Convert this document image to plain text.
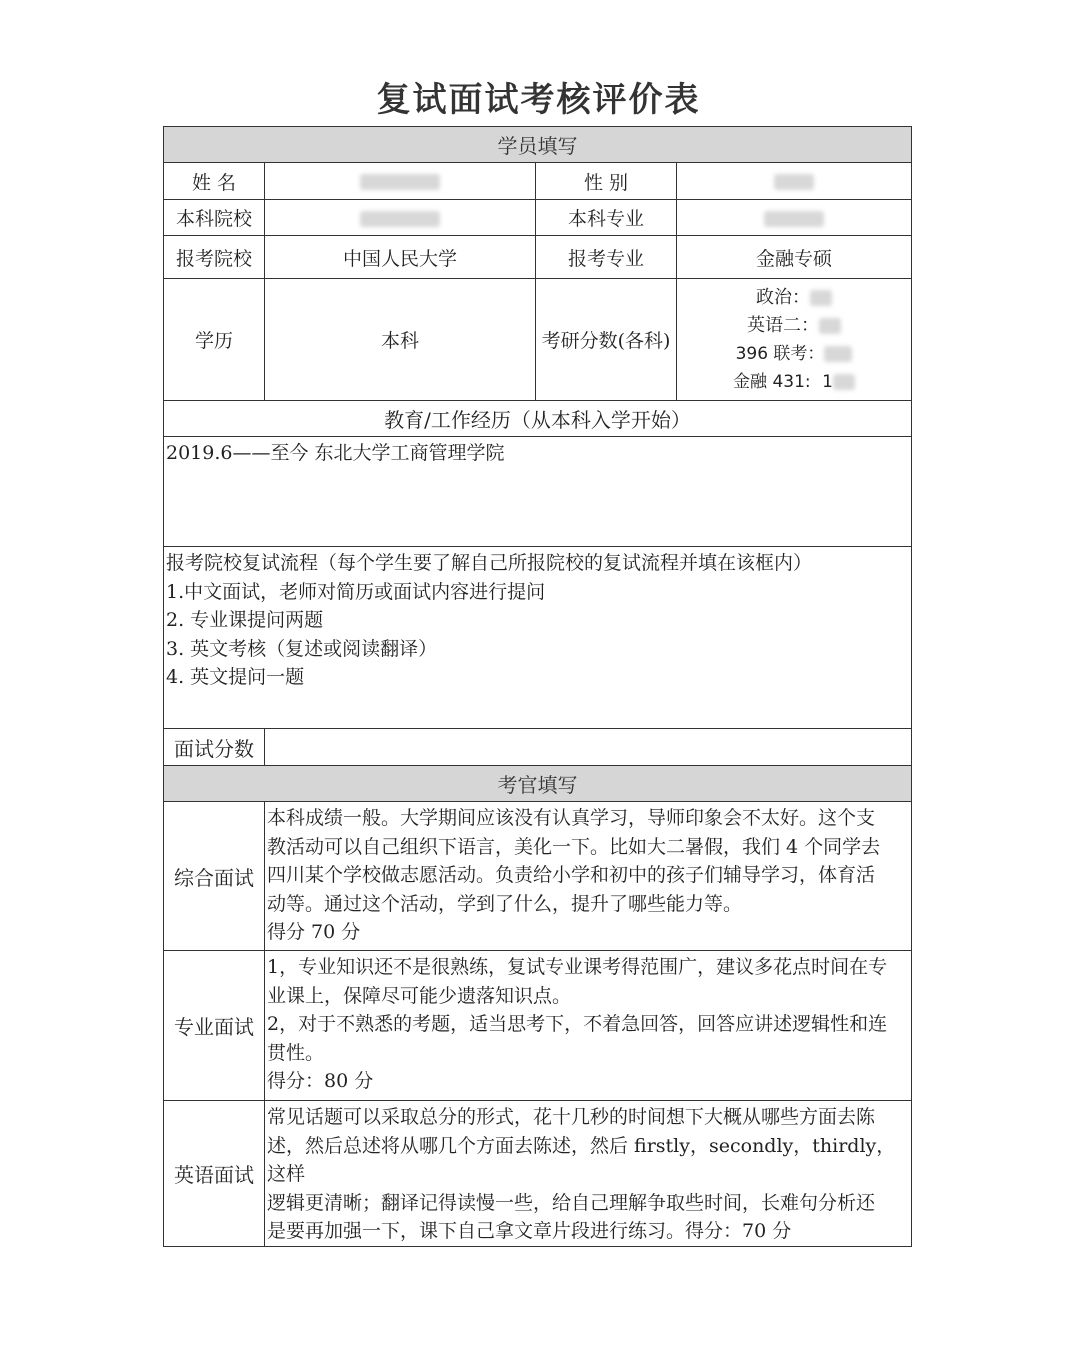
复试面试考核评价表
学员填写			
姓 名		性 别	
本科院校		本科专业	
报考院校	中国人民大学	报考专业	金融专硕
学历	本科	考研分数(各科)	政治：
英语二：
396 联考：
金融 431: 1

教育/工作经历（从本科入学开始）			
2019.6——至今 东北大学工商管理学院			

报考院校复试流程（每个学生要了解自己所报院校的复试流程并填在该框内）
1.中文面试，老师对简历或面试内容进行提问
2. 专业课提问两题
3. 英文考核（复述或阅读翻译）
4. 英文提问一题			

面试分数			
考官填写			
综合面试	本科成绩一般。大学期间应该没有认真学习，导师印象会不太好。这个支
教活动可以自己组织下语言，美化一下。比如大二暑假，我们 4 个同学去
四川某个学校做志愿活动。负责给小学和初中的孩子们辅导学习，体育活
动等。通过这个活动，学到了什么，提升了哪些能力等。
得分 70 分		

专业面试	1，专业知识还不是很熟练，复试专业课考得范围广，建议多花点时间在专
业课上，保障尽可能少遗落知识点。
2，对于不熟悉的考题，适当思考下，不着急回答，回答应讲述逻辑性和连
贯性。
得分：80 分		

英语面试	常见话题可以采取总分的形式，花十几秒的时间想下大概从哪些方面去陈
述，然后总述将从哪几个方面去陈述，然后 firstly，secondly，thirdly，这样
逻辑更清晰；翻译记得读慢一些，给自己理解争取些时间，长难句分析还
是要再加强一下，课下自己拿文章片段进行练习。得分：70 分		
